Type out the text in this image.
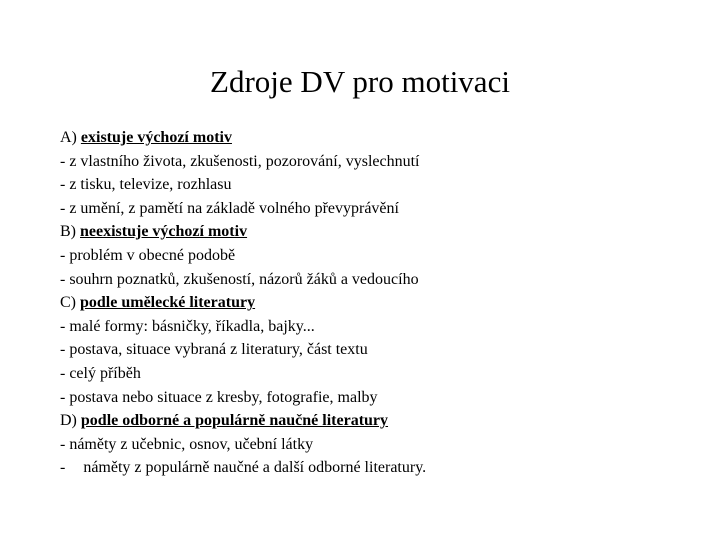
Zdroje DV pro motivaci
A) existuje výchozí motiv
- z vlastního života, zkušenosti, pozorování, vyslechnutí
- z tisku, televize, rozhlasu
- z umění, z pamětí na základě volného převyprávění
B) neexistuje výchozí motiv
- problém v obecné podobě
- souhrn poznatků, zkušeností, názorů žáků a vedoucího
C) podle umělecké literatury
- malé formy: básničky, říkadla, bajky...
- postava, situace vybraná z literatury, část textu
- celý příběh
- postava nebo situace z kresby, fotografie, malby
D) podle odborné a populárně naučné literatury
- náměty z učebnic, osnov, učební látky
- náměty z populárně naučné a další odborné literatury.
